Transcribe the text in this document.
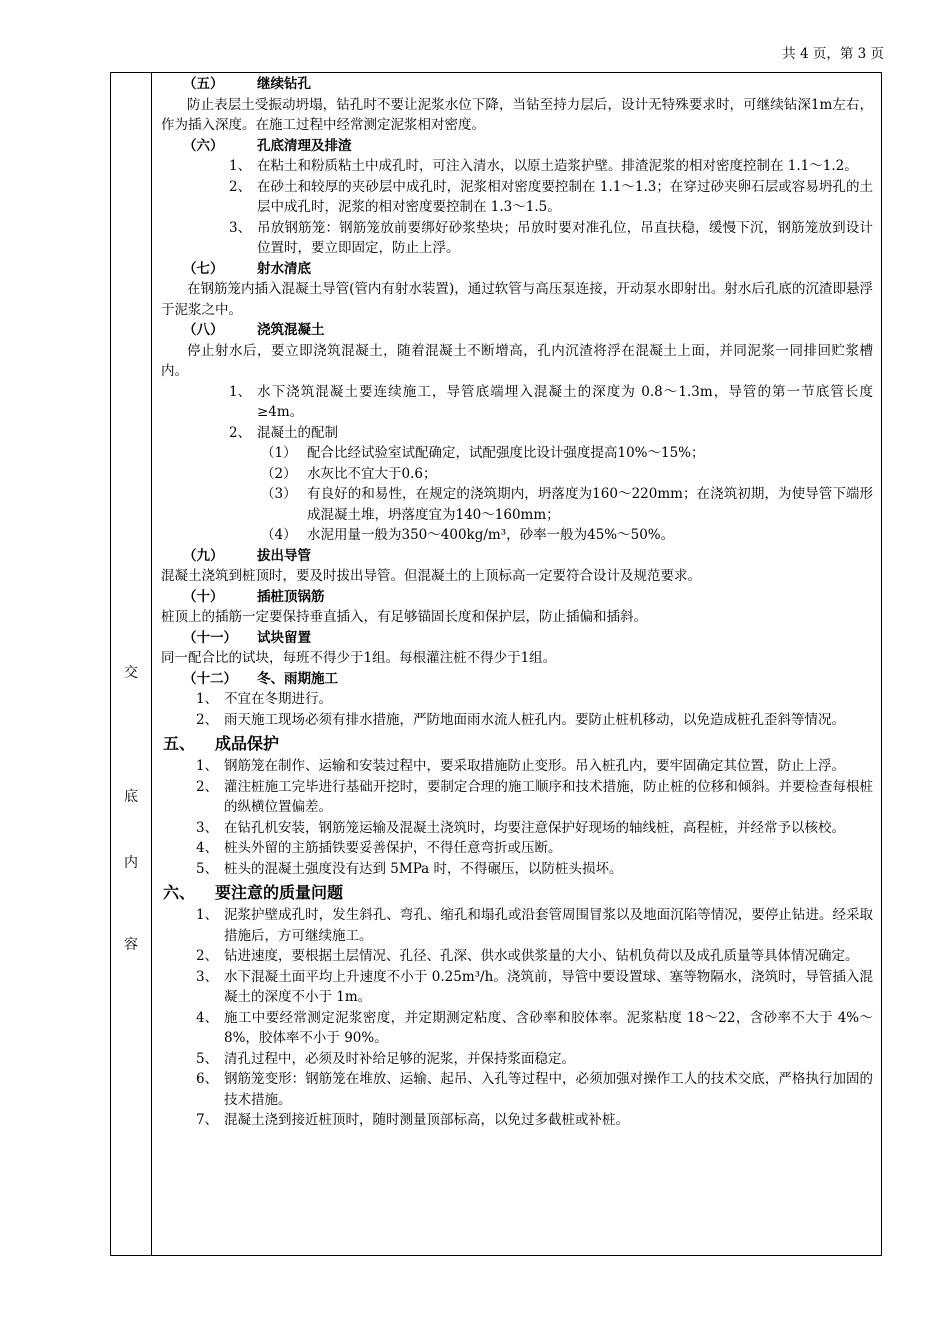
共 4 页，第 3 页
交
底
内
容
（五） 继续钻孔

防止表层土受振动坍塌，钻孔时不要让泥浆水位下降，当钻至持力层后，设计无特殊要求时，可继续钻深1m左右，作为插入深度。在施工过程中经常测定泥浆相对密度。

（六） 孔底清理及排渣
1、 在粘土和粉质粘土中成孔时，可注入清水，以原土造浆护壁。排渣泥浆的相对密度控制在 1.1～1.2。
2、 在砂土和较厚的夹砂层中成孔时，泥浆相对密度要控制在 1.1～1.3；在穿过砂夹卵石层或容易坍孔的土层中成孔时，泥浆的相对密度要控制在 1.3～1.5。
3、 吊放钢筋笼：钢筋笼放前要绑好砂浆垫块；吊放时要对准孔位，吊直扶稳，缓慢下沉，钢筋笼放到设计位置时，要立即固定，防止上浮。
（七） 射水清底

在钢筋笼内插入混凝土导管(管内有射水装置)，通过软管与高压泵连接，开动泵水即射出。射水后孔底的沉渣即悬浮于泥浆之中。

（八） 浇筑混凝土

停止射水后，要立即浇筑混凝土，随着混凝土不断增高，孔内沉渣将浮在混凝土上面，并同泥浆一同排回贮浆槽内。

1、 水下浇筑混凝土要连续施工，导管底端埋入混凝土的深度为 0.8～1.3m，导管的第一节底管长度≥4m。
2、 混凝土的配制
（1） 配合比经试验室试配确定，试配强度比设计强度提高10%～15%；
（2） 水灰比不宜大于0.6；
（3） 有良好的和易性，在规定的浇筑期内，坍落度为160～220mm；在浇筑初期，为使导管下端形成混凝土堆，坍落度宜为140～160mm；
（4） 水泥用量一般为350～400kg/m³，砂率一般为45%～50%。
（九） 拔出导管

混凝土浇筑到桩顶时，要及时拔出导管。但混凝土的上顶标高一定要符合设计及规范要求。

（十） 插桩顶锅筋

桩顶上的插筋一定要保持垂直插入，有足够锚固长度和保护层，防止插偏和插斜。

（十一） 试块留置

同一配合比的试块，每班不得少于1组。每根灌注桩不得少于1组。

（十二） 冬、雨期施工
1、 不宜在冬期进行。
2、 雨天施工现场必须有排水措施，严防地面雨水流人桩孔内。要防止桩机移动，以免造成桩孔歪斜等情况。
五、 成品保护
1、 钢筋笼在制作、运输和安装过程中，要采取措施防止变形。吊入桩孔内，要牢固确定其位置，防止上浮。
2、 灌注桩施工完毕进行基础开挖时，要制定合理的施工顺序和技术措施，防止桩的位移和倾斜。并要检查每根桩的纵横位置偏差。
3、 在钻孔机安装，钢筋笼运输及混凝土浇筑时，均要注意保护好现场的轴线桩，高程桩，并经常予以核校。
4、 桩头外留的主筋插铁要妥善保护，不得任意弯折或压断。
5、 桩头的混凝土强度没有达到 5MPa 时，不得碾压，以防桩头损坏。
六、 要注意的质量问题
1、 泥浆护壁成孔时，发生斜孔、弯孔、缩孔和塌孔或沿套管周围冒浆以及地面沉陷等情况，要停止钻进。经采取措施后，方可继续施工。
2、 钻进速度，要根据土层情况、孔径、孔深、供水或供浆量的大小、钻机负荷以及成孔质量等具体情况确定。
3、 水下混凝土面平均上升速度不小于 0.25m³/h。浇筑前，导管中要设置球、塞等物隔水，浇筑时，导管插入混凝土的深度不小于 1m。
4、 施工中要经常测定泥浆密度，并定期测定粘度、含砂率和胶体率。泥浆粘度 18～22，含砂率不大于 4%～8%，胶体率不小于 90%。
5、 清孔过程中，必须及时补给足够的泥浆，并保持浆面稳定。
6、 钢筋笼变形：钢筋笼在堆放、运输、起吊、入孔等过程中，必须加强对操作工人的技术交底，严格执行加固的技术措施。
7、 混凝土浇到接近桩顶时，随时测量顶部标高，以免过多截桩或补桩。
